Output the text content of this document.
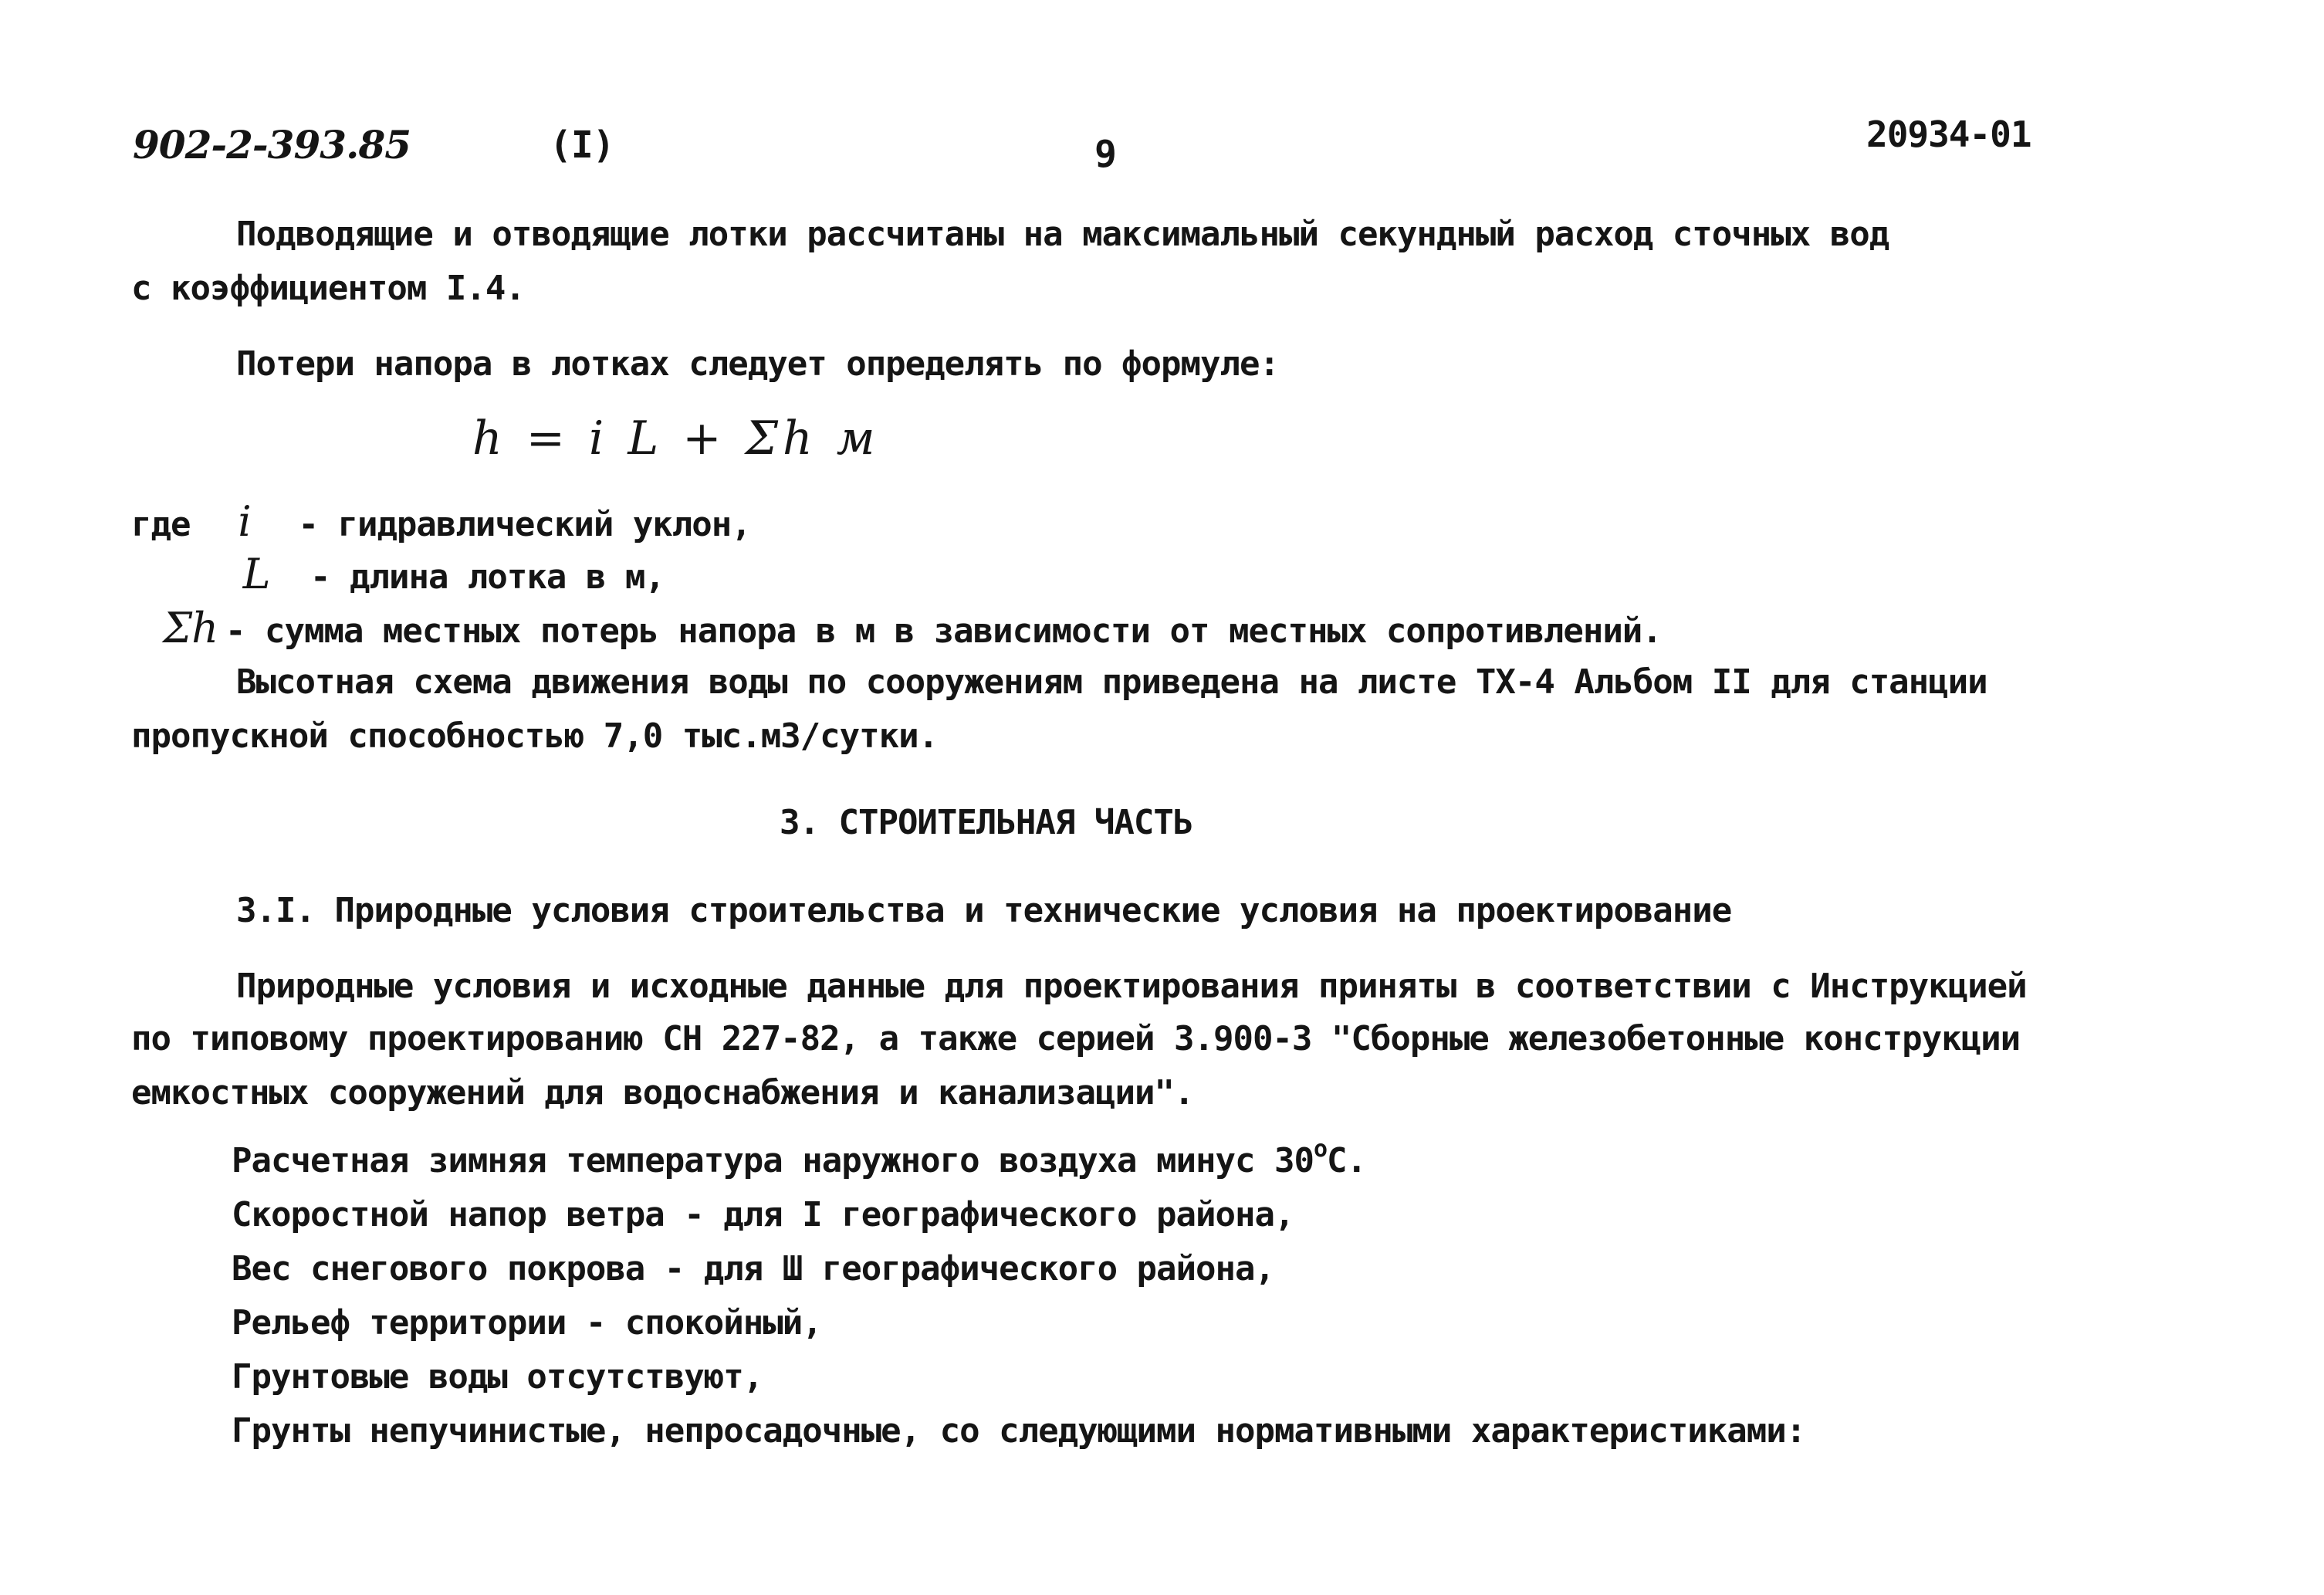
902-2-393.85	(I)	9	20934-01
Подводящие и отводящие лотки рассчитаны на максимальный секундный расход сточных вод
с коэффициентом I.4.
Потери напора в лотках следует определять по формуле:
h = i L + Σh м
где i - гидравлический уклон,
L - длина лотка в м,
Σh - сумма местных потерь напора в м в зависимости от местных сопротивлений.
Высотная схема движения воды по сооружениям приведена на листе ТХ-4 Альбом II для станции
пропускной способностью 7,0 тыс.м3/сутки.
3. СТРОИТЕЛЬНАЯ ЧАСТЬ
3.I. Природные условия строительства и технические условия на проектирование
Природные условия и исходные данные для проектирования приняты в соответствии с Инструкцией
по типовому проектированию СН 227-82, а также серией 3.900-3 "Сборные железобетонные конструкции
емкостных сооружений для водоснабжения и канализации".
Расчетная зимняя температура наружного воздуха минус $30^оС$.
Скоростной напор ветра - для I географического района,
Вес снегового покрова - для Ш географического района,
Рельеф территории - спокойный,
Грунтовые воды отсутствуют,
Грунты непучинистые, непросадочные, со следующими нормативными характеристиками:
